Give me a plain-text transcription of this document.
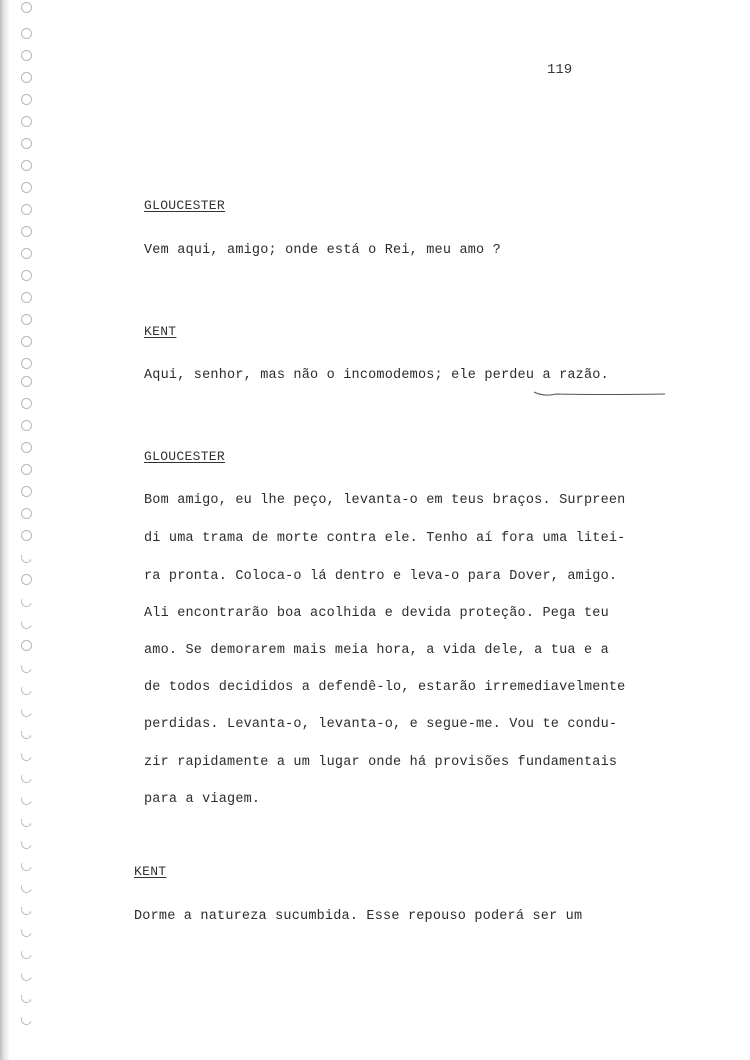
119
GLOUCESTER
Vem aqui, amigo; onde está o Rei, meu amo ?
KENT
Aqui, senhor, mas não o incomodemos; ele perdeu a razão.
GLOUCESTER
Bom amigo, eu lhe peço, levanta-o em teus braços. Surpreen
di uma trama de morte contra ele. Tenho aí fora uma litei-
ra pronta. Coloca-o lá dentro e leva-o para Dover, amigo.
Ali encontrarão boa acolhida e devida proteção. Pega teu
amo. Se demorarem mais meia hora, a vida dele, a tua e a
de todos decididos a defendê-lo, estarão irremediavelmente
perdidas. Levanta-o, levanta-o, e segue-me. Vou te condu-
zir rapidamente a um lugar onde há provisões fundamentais
para a viagem.
KENT
Dorme a natureza sucumbida. Esse repouso poderá ser um
